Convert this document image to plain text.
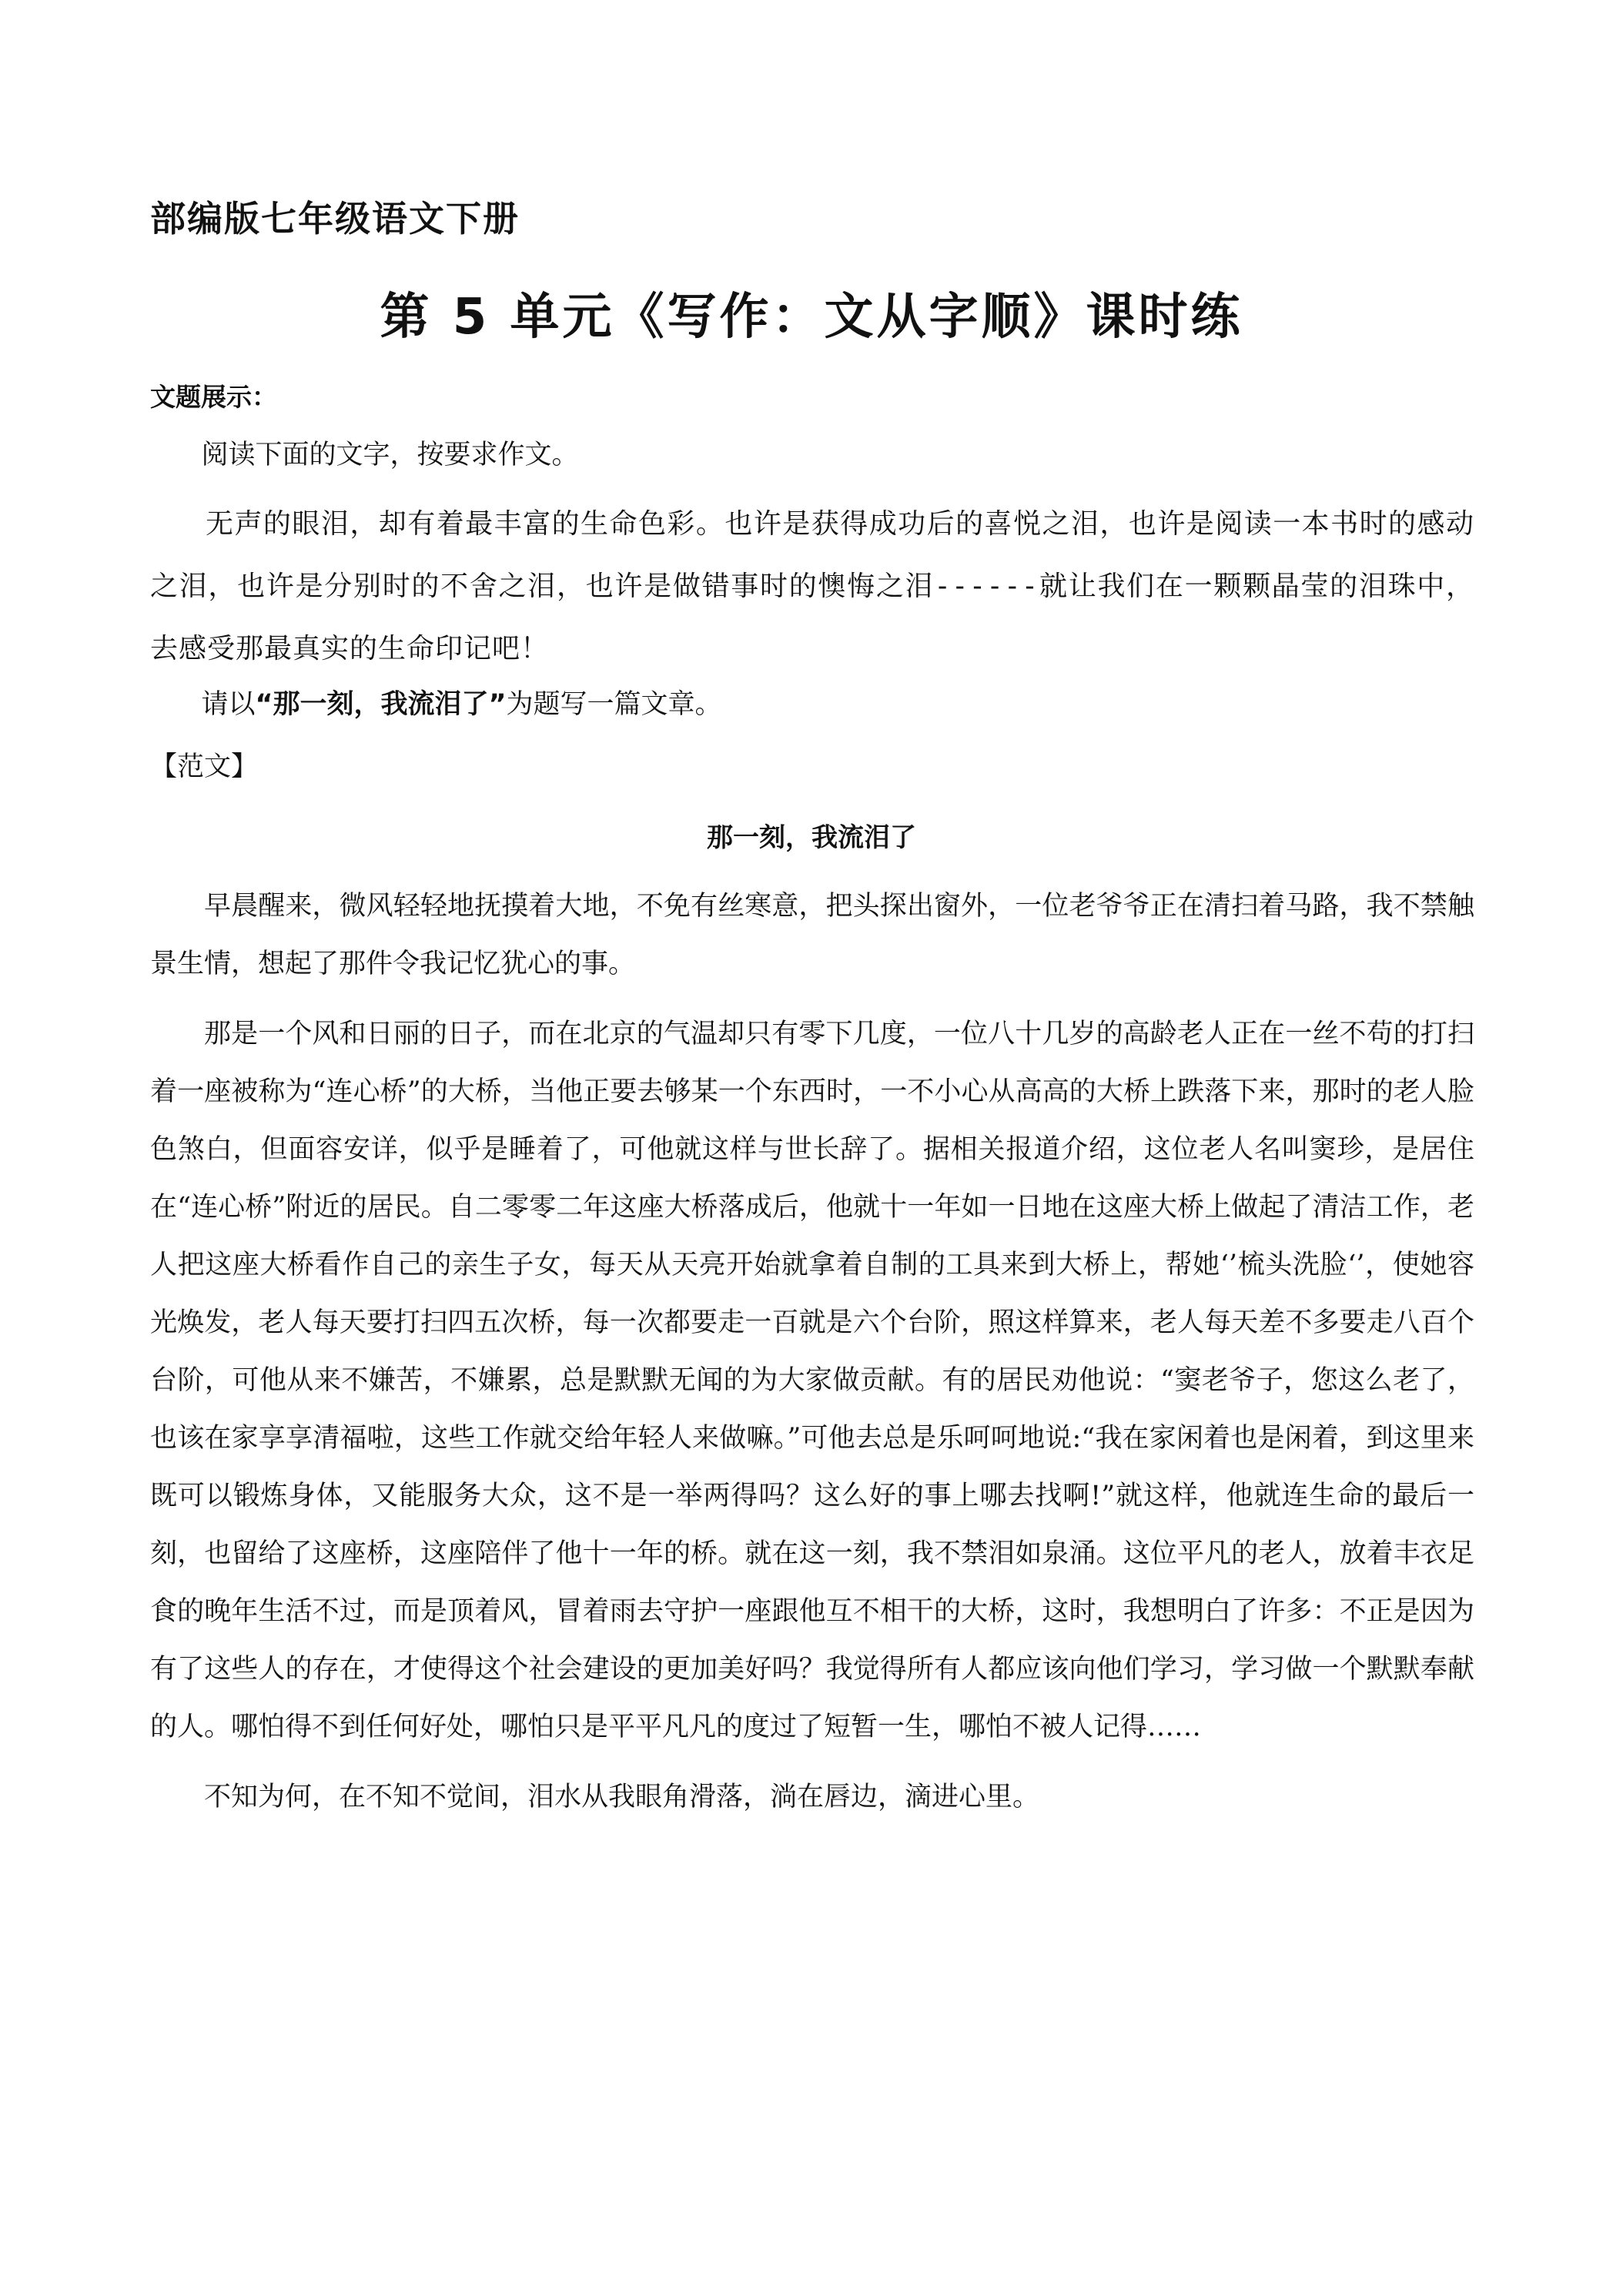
部编版七年级语文下册
第 5 单元《写作：文从字顺》课时练
文题展示：
阅读下面的文字，按要求作文。
无声的眼泪，却有着最丰富的生命色彩。也许是获得成功后的喜悦之泪，也许是阅读一本书时的感动之泪，也许是分别时的不舍之泪，也许是做错事时的懊悔之泪------就让我们在一颗颗晶莹的泪珠中，去感受那最真实的生命印记吧！
请以“那一刻，我流泪了”为题写一篇文章。
【范文】
那一刻，我流泪了

早晨醒来，微风轻轻地抚摸着大地，不免有丝寒意，把头探出窗外，一位老爷爷正在清扫着马路，我不禁触景生情，想起了那件令我记忆犹心的事。

那是一个风和日丽的日子，而在北京的气温却只有零下几度，一位八十几岁的高龄老人正在一丝不苟的打扫着一座被称为“连心桥”的大桥，当他正要去够某一个东西时，一不小心从高高的大桥上跌落下来，那时的老人脸色煞白，但面容安详，似乎是睡着了，可他就这样与世长辞了。据相关报道介绍，这位老人名叫窦珍，是居住在“连心桥”附近的居民。自二零零二年这座大桥落成后，他就十一年如一日地在这座大桥上做起了清洁工作，老人把这座大桥看作自己的亲生子女，每天从天亮开始就拿着自制的工具来到大桥上，帮她‘’梳头洗脸‘’，使她容光焕发，老人每天要打扫四五次桥，每一次都要走一百就是六个台阶，照这样算来，老人每天差不多要走八百个台阶，可他从来不嫌苦，不嫌累，总是默默无闻的为大家做贡献。有的居民劝他说：“窦老爷子，您这么老了，也该在家享享清福啦，这些工作就交给年轻人来做嘛。”可他去总是乐呵呵地说:“我在家闲着也是闲着，到这里来既可以锻炼身体，又能服务大众，这不是一举两得吗？这么好的事上哪去找啊!”就这样，他就连生命的最后一刻，也留给了这座桥，这座陪伴了他十一年的桥。就在这一刻，我不禁泪如泉涌。这位平凡的老人，放着丰衣足食的晚年生活不过，而是顶着风，冒着雨去守护一座跟他互不相干的大桥，这时，我想明白了许多：不正是因为有了这些人的存在，才使得这个社会建设的更加美好吗？我觉得所有人都应该向他们学习，学习做一个默默奉献的人。哪怕得不到任何好处，哪怕只是平平凡凡的度过了短暂一生，哪怕不被人记得……

不知为何，在不知不觉间，泪水从我眼角滑落，淌在唇边，滴进心里。
